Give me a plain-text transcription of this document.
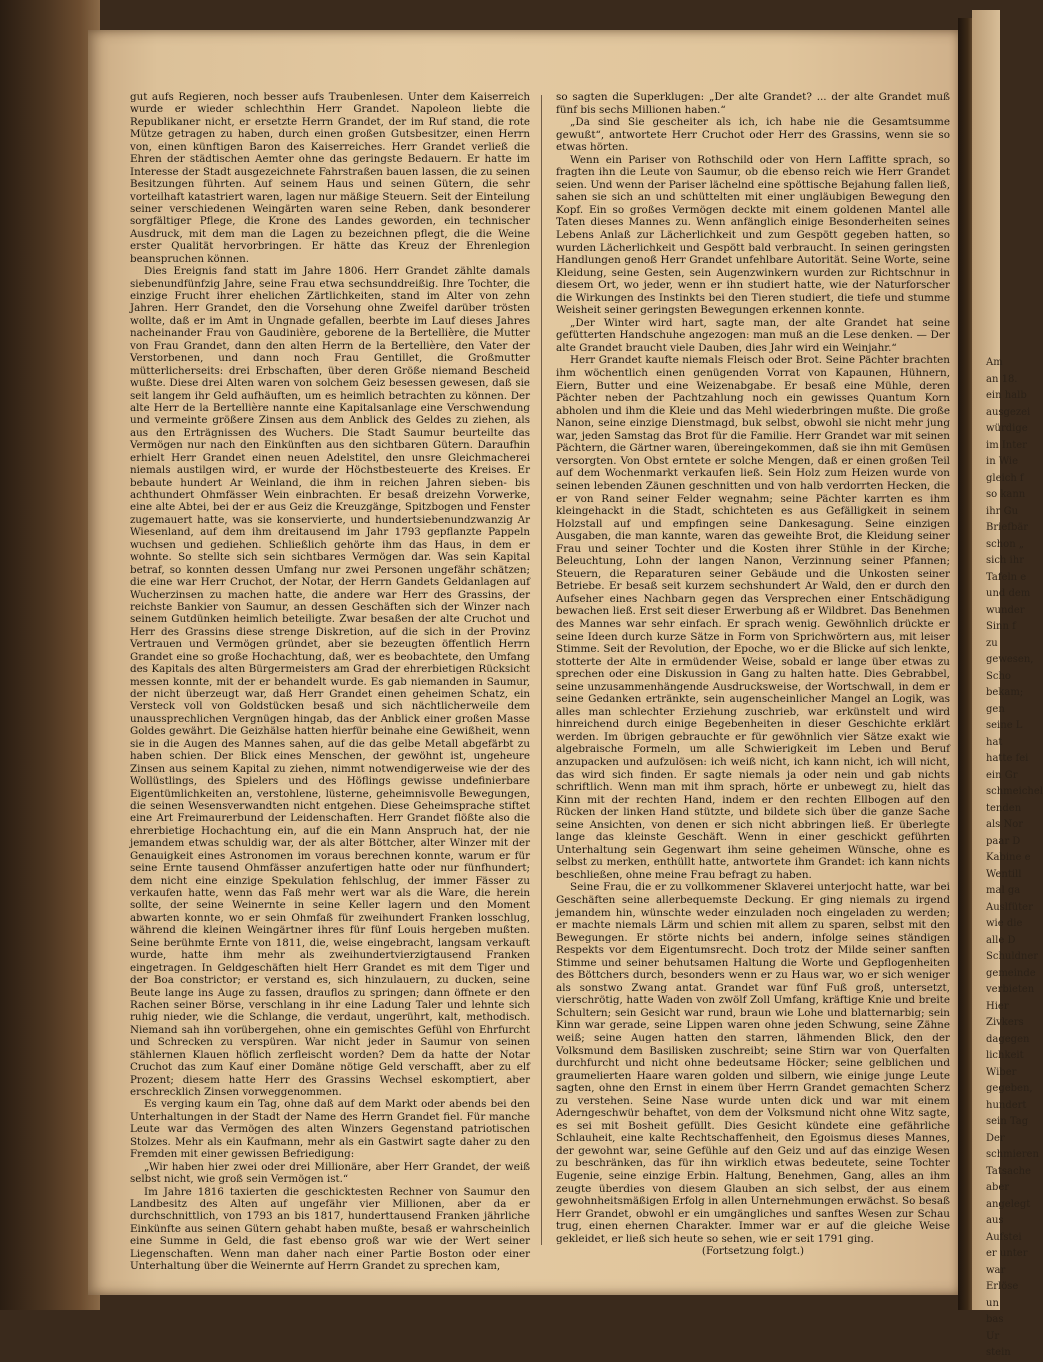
Am
an 18.
ein halb
ausgezei
würdige
im Inter
in Wie
gleich f
so kann
ihr Gu
Briefbär
schon „
sich ihr
Tafeln e
und dem
wunder
Sinn f
zu
gewesen,
Scho
bekam;
gen
seine L
hat
hatte fei
ein Gr
schmeichel
tenden
als Nor
paar D
Kabine e
Wentill
mal ga
Auslfüter
wie die
alle D
Schuldner
gemeinde
verbieten
Hier
Zivkers
dagegen
lichkeit
Wiber
gegeben,
hundert
sein Tag
Der
schmieren
Tatsache
aber
angelegt
aus
Aufstei
er unter
war
Erlöse
un
bas
Ur
stein

gut aufs Regieren, noch besser aufs Traubenlesen. Unter dem Kaiserreich wurde er wieder schlechthin Herr Grandet. Napoleon liebte die Republikaner nicht, er ersetzte Herrn Grandet, der im Ruf stand, die rote Mütze getragen zu haben, durch einen großen Gutsbesitzer, einen Herrn von, einen künftigen Baron des Kaiserreiches. Herr Grandet verließ die Ehren der städtischen Aemter ohne das geringste Bedauern. Er hatte im Interesse der Stadt ausgezeichnete Fahrstraßen bauen lassen, die zu seinen Besitzungen führten. Auf seinem Haus und seinen Gütern, die sehr vorteilhaft katastriert waren, lagen nur mäßige Steuern. Seit der Einteilung seiner verschiedenen Weingärten waren seine Reben, dank besonderer sorgfältiger Pflege, die Krone des Landes geworden, ein technischer Ausdruck, mit dem man die Lagen zu bezeichnen pflegt, die die Weine erster Qualität hervorbringen. Er hätte das Kreuz der Ehrenlegion beanspruchen können.

Dies Ereignis fand statt im Jahre 1806. Herr Grandet zählte damals siebenundfünfzig Jahre, seine Frau etwa sechsunddreißig. Ihre Tochter, die einzige Frucht ihrer ehelichen Zärtlichkeiten, stand im Alter von zehn Jahren. Herr Grandet, den die Vorsehung ohne Zweifel darüber trösten wollte, daß er im Amt in Ungnade gefallen, beerbte im Lauf dieses Jahres nacheinander Frau von Gaudinière, geborene de la Bertellière, die Mutter von Frau Grandet, dann den alten Herrn de la Bertellière, den Vater der Verstorbenen, und dann noch Frau Gentillet, die Großmutter mütterlicherseits: drei Erbschaften, über deren Größe niemand Bescheid wußte. Diese drei Alten waren von solchem Geiz besessen gewesen, daß sie seit langem ihr Geld aufhäuften, um es heimlich betrachten zu können. Der alte Herr de la Bertellière nannte eine Kapitalsanlage eine Verschwendung und vermeinte größere Zinsen aus dem Anblick des Geldes zu ziehen, als aus den Erträgnissen des Wuchers. Die Stadt Saumur beurteilte das Vermögen nur nach den Einkünften aus den sichtbaren Gütern. Daraufhin erhielt Herr Grandet einen neuen Adelstitel, den unsre Gleichmacherei niemals austilgen wird, er wurde der Höchstbesteuerte des Kreises. Er bebaute hundert Ar Weinland, die ihm in reichen Jahren sieben- bis achthundert Ohmfässer Wein einbrachten. Er besaß dreizehn Vorwerke, eine alte Abtei, bei der er aus Geiz die Kreuzgänge, Spitzbogen und Fenster zugemauert hatte, was sie konservierte, und hundertsiebenundzwanzig Ar Wiesenland, auf dem ihm dreitausend im Jahr 1793 gepflanzte Pappeln wuchsen und gediehen. Schließlich gehörte ihm das Haus, in dem er wohnte. So stellte sich sein sichtbares Vermögen dar. Was sein Kapital betraf, so konnten dessen Umfang nur zwei Personen ungefähr schätzen; die eine war Herr Cruchot, der Notar, der Herrn Gandets Geldanlagen auf Wucherzinsen zu machen hatte, die andere war Herr des Grassins, der reichste Bankier von Saumur, an dessen Geschäften sich der Winzer nach seinem Gutdünken heimlich beteiligte. Zwar besaßen der alte Cruchot und Herr des Grassins diese strenge Diskretion, auf die sich in der Provinz Vertrauen und Vermögen gründet, aber sie bezeugten öffentlich Herrn Grandet eine so große Hochachtung, daß, wer es beobachtete, den Umfang des Kapitals des alten Bürgermeisters am Grad der ehrerbietigen Rücksicht messen konnte, mit der er behandelt wurde. Es gab niemanden in Saumur, der nicht überzeugt war, daß Herr Grandet einen geheimen Schatz, ein Versteck voll von Goldstücken besaß und sich nächtlicherweile dem unaussprechlichen Vergnügen hingab, das der Anblick einer großen Masse Goldes gewährt. Die Geizhälse hatten hierfür beinahe eine Gewißheit, wenn sie in die Augen des Mannes sahen, auf die das gelbe Metall abgefärbt zu haben schien. Der Blick eines Menschen, der gewöhnt ist, ungeheure Zinsen aus seinem Kapital zu ziehen, nimmt notwendigerweise wie der des Wollüstlings, des Spielers und des Höflings gewisse undefinierbare Eigentümlichkeiten an, verstohlene, lüsterne, geheimnisvolle Bewegungen, die seinen Wesensverwandten nicht entgehen. Diese Geheimsprache stiftet eine Art Freimaurerbund der Leidenschaften. Herr Grandet flößte also die ehrerbietige Hochachtung ein, auf die ein Mann Anspruch hat, der nie jemandem etwas schuldig war, der als alter Böttcher, alter Winzer mit der Genauigkeit eines Astronomen im voraus berechnen konnte, warum er für seine Ernte tausend Ohmfässer anzufertigen hatte oder nur fünfhundert; dem nicht eine einzige Spekulation fehlschlug, der immer Fässer zu verkaufen hatte, wenn das Faß mehr wert war als die Ware, die herein sollte, der seine Weinernte in seine Keller lagern und den Moment abwarten konnte, wo er sein Ohmfaß für zweihundert Franken losschlug, während die kleinen Weingärtner ihres für fünf Louis hergeben mußten. Seine berühmte Ernte von 1811, die, weise eingebracht, langsam verkauft wurde, hatte ihm mehr als zweihundertvierzigtausend Franken eingetragen. In Geldgeschäften hielt Herr Grandet es mit dem Tiger und der Boa constrictor; er verstand es, sich hinzulauern, zu ducken, seine Beute lange ins Auge zu fassen, drauflos zu springen; dann öffnete er den Rachen seiner Börse, verschlang in ihr eine Ladung Taler und lehnte sich ruhig nieder, wie die Schlange, die verdaut, ungerührt, kalt, methodisch. Niemand sah ihn vorübergehen, ohne ein gemischtes Gefühl von Ehrfurcht und Schrecken zu verspüren. War nicht jeder in Saumur von seinen stählernen Klauen höflich zerfleischt worden? Dem da hatte der Notar Cruchot das zum Kauf einer Domäne nötige Geld verschafft, aber zu elf Prozent; diesem hatte Herr des Grassins Wechsel eskomptiert, aber erschrecklich Zinsen vorweggenommen.

Es verging kaum ein Tag, ohne daß auf dem Markt oder abends bei den Unterhaltungen in der Stadt der Name des Herrn Grandet fiel. Für manche Leute war das Vermögen des alten Winzers Gegenstand patriotischen Stolzes. Mehr als ein Kaufmann, mehr als ein Gastwirt sagte daher zu den Fremden mit einer gewissen Befriedigung:

„Wir haben hier zwei oder drei Millionäre, aber Herr Grandet, der weiß selbst nicht, wie groß sein Vermögen ist.“

Im Jahre 1816 taxierten die geschicktesten Rechner von Saumur den Landbesitz des Alten auf ungefähr vier Millionen, aber da er durchschnittlich, von 1793 an bis 1817, hunderttausend Franken jährliche Einkünfte aus seinen Gütern gehabt haben mußte, besaß er wahrscheinlich eine Summe in Geld, die fast ebenso groß war wie der Wert seiner Liegenschaften. Wenn man daher nach einer Partie Boston oder einer Unterhaltung über die Weinernte auf Herrn Grandet zu sprechen kam,

so sagten die Superklugen: „Der alte Grandet? ... der alte Grandet muß fünf bis sechs Millionen haben.“

„Da sind Sie gescheiter als ich, ich habe nie die Gesamtsumme gewußt“, antwortete Herr Cruchot oder Herr des Grassins, wenn sie so etwas hörten.

Wenn ein Pariser von Rothschild oder von Hern Laffitte sprach, so fragten ihn die Leute von Saumur, ob die ebenso reich wie Herr Grandet seien. Und wenn der Pariser lächelnd eine spöttische Bejahung fallen ließ, sahen sie sich an und schüttelten mit einer ungläubigen Bewegung den Kopf. Ein so großes Vermögen deckte mit einem goldenen Mantel alle Taten dieses Mannes zu. Wenn anfänglich einige Besonderheiten seines Lebens Anlaß zur Lächerlichkeit und zum Gespött gegeben hatten, so wurden Lächerlichkeit und Gespött bald verbraucht. In seinen geringsten Handlungen genoß Herr Grandet unfehlbare Autorität. Seine Worte, seine Kleidung, seine Gesten, sein Augenzwinkern wurden zur Richtschnur in diesem Ort, wo jeder, wenn er ihn studiert hatte, wie der Naturforscher die Wirkungen des Instinkts bei den Tieren studiert, die tiefe und stumme Weisheit seiner geringsten Bewegungen erkennen konnte.

„Der Winter wird hart, sagte man, der alte Grandet hat seine gefütterten Handschuhe angezogen: man muß an die Lese denken. — Der alte Grandet braucht viele Dauben, dies Jahr wird ein Weinjahr.“

Herr Grandet kaufte niemals Fleisch oder Brot. Seine Pächter brachten ihm wöchentlich einen genügenden Vorrat von Kapaunen, Hühnern, Eiern, Butter und eine Weizenabgabe. Er besaß eine Mühle, deren Pächter neben der Pachtzahlung noch ein gewisses Quantum Korn abholen und ihm die Kleie und das Mehl wiederbringen mußte. Die große Nanon, seine einzige Dienstmagd, buk selbst, obwohl sie nicht mehr jung war, jeden Samstag das Brot für die Familie. Herr Grandet war mit seinen Pächtern, die Gärtner waren, übereingekommen, daß sie ihn mit Gemüsen versorgten. Von Obst erntete er solche Mengen, daß er einen großen Teil auf dem Wochenmarkt verkaufen ließ. Sein Holz zum Heizen wurde von seinen lebenden Zäunen geschnitten und von halb verdorrten Hecken, die er von Rand seiner Felder wegnahm; seine Pächter karrten es ihm kleingehackt in die Stadt, schichteten es aus Gefälligkeit in seinem Holzstall auf und empfingen seine Dankesagung. Seine einzigen Ausgaben, die man kannte, waren das geweihte Brot, die Kleidung seiner Frau und seiner Tochter und die Kosten ihrer Stühle in der Kirche; Beleuchtung, Lohn der langen Nanon, Verzinnung seiner Pfannen; Steuern, die Reparaturen seiner Gebäude und die Unkosten seiner Betriebe. Er besaß seit kurzem sechshundert Ar Wald, den er durch den Aufseher eines Nachbarn gegen das Versprechen einer Entschädigung bewachen ließ. Erst seit dieser Erwerbung aß er Wildbret. Das Benehmen des Mannes war sehr einfach. Er sprach wenig. Gewöhnlich drückte er seine Ideen durch kurze Sätze in Form von Sprichwörtern aus, mit leiser Stimme. Seit der Revolution, der Epoche, wo er die Blicke auf sich lenkte, stotterte der Alte in ermüdender Weise, sobald er lange über etwas zu sprechen oder eine Diskussion in Gang zu halten hatte. Dies Gebrabbel, seine unzusammenhängende Ausdrucksweise, der Wortschwall, in dem er seine Gedanken ertränkte, sein augenscheinlicher Mangel an Logik, was alles man schlechter Erziehung zuschrieb, war erkünstelt und wird hinreichend durch einige Begebenheiten in dieser Geschichte erklärt werden. Im übrigen gebrauchte er für gewöhnlich vier Sätze exakt wie algebraische Formeln, um alle Schwierigkeit im Leben und Beruf anzupacken und aufzulösen: ich weiß nicht, ich kann nicht, ich will nicht, das wird sich finden. Er sagte niemals ja oder nein und gab nichts schriftlich. Wenn man mit ihm sprach, hörte er unbewegt zu, hielt das Kinn mit der rechten Hand, indem er den rechten Ellbogen auf den Rücken der linken Hand stützte, und bildete sich über die ganze Sache seine Ansichten, von denen er sich nicht abbringen ließ. Er überlegte lange das kleinste Geschäft. Wenn in einer geschickt geführten Unterhaltung sein Gegenwart ihm seine geheimen Wünsche, ohne es selbst zu merken, enthüllt hatte, antwortete ihm Grandet: ich kann nichts beschließen, ohne meine Frau befragt zu haben.

Seine Frau, die er zu vollkommener Sklaverei unterjocht hatte, war bei Geschäften seine allerbequemste Deckung. Er ging niemals zu irgend jemandem hin, wünschte weder einzuladen noch eingeladen zu werden; er machte niemals Lärm und schien mit allem zu sparen, selbst mit den Bewegungen. Er störte nichts bei andern, infolge seines ständigen Respekts vor dem Eigentumsrecht. Doch trotz der Milde seiner sanften Stimme und seiner behutsamen Haltung die Worte und Gepflogenheiten des Böttchers durch, besonders wenn er zu Haus war, wo er sich weniger als sonstwo Zwang antat. Grandet war fünf Fuß groß, untersetzt, vierschrötig, hatte Waden von zwölf Zoll Umfang, kräftige Knie und breite Schultern; sein Gesicht war rund, braun wie Lohe und blatternarbig; sein Kinn war gerade, seine Lippen waren ohne jeden Schwung, seine Zähne weiß; seine Augen hatten den starren, lähmenden Blick, den der Volksmund dem Basilisken zuschreibt; seine Stirn war von Querfalten durchfurcht und nicht ohne bedeutsame Höcker; seine gelblichen und graumelierten Haare waren golden und silbern, wie einige junge Leute sagten, ohne den Ernst in einem über Herrn Grandet gemachten Scherz zu verstehen. Seine Nase wurde unten dick und war mit einem Aderngeschwür behaftet, von dem der Volksmund nicht ohne Witz sagte, es sei mit Bosheit gefüllt. Dies Gesicht kündete eine gefährliche Schlauheit, eine kalte Rechtschaffenheit, den Egoismus dieses Mannes, der gewohnt war, seine Gefühle auf den Geiz und auf das einzige Wesen zu beschränken, das für ihn wirklich etwas bedeutete, seine Tochter Eugenie, seine einzige Erbin. Haltung, Benehmen, Gang, alles an ihm zeugte überdies von diesem Glauben an sich selbst, der aus einem gewohnheitsmäßigen Erfolg in allen Unternehmungen erwächst. So besaß Herr Grandet, obwohl er ein umgängliches und sanftes Wesen zur Schau trug, einen ehernen Charakter. Immer war er auf die gleiche Weise gekleidet, er ließ sich heute so sehen, wie er seit 1791 ging.

(Fortsetzung folgt.)
